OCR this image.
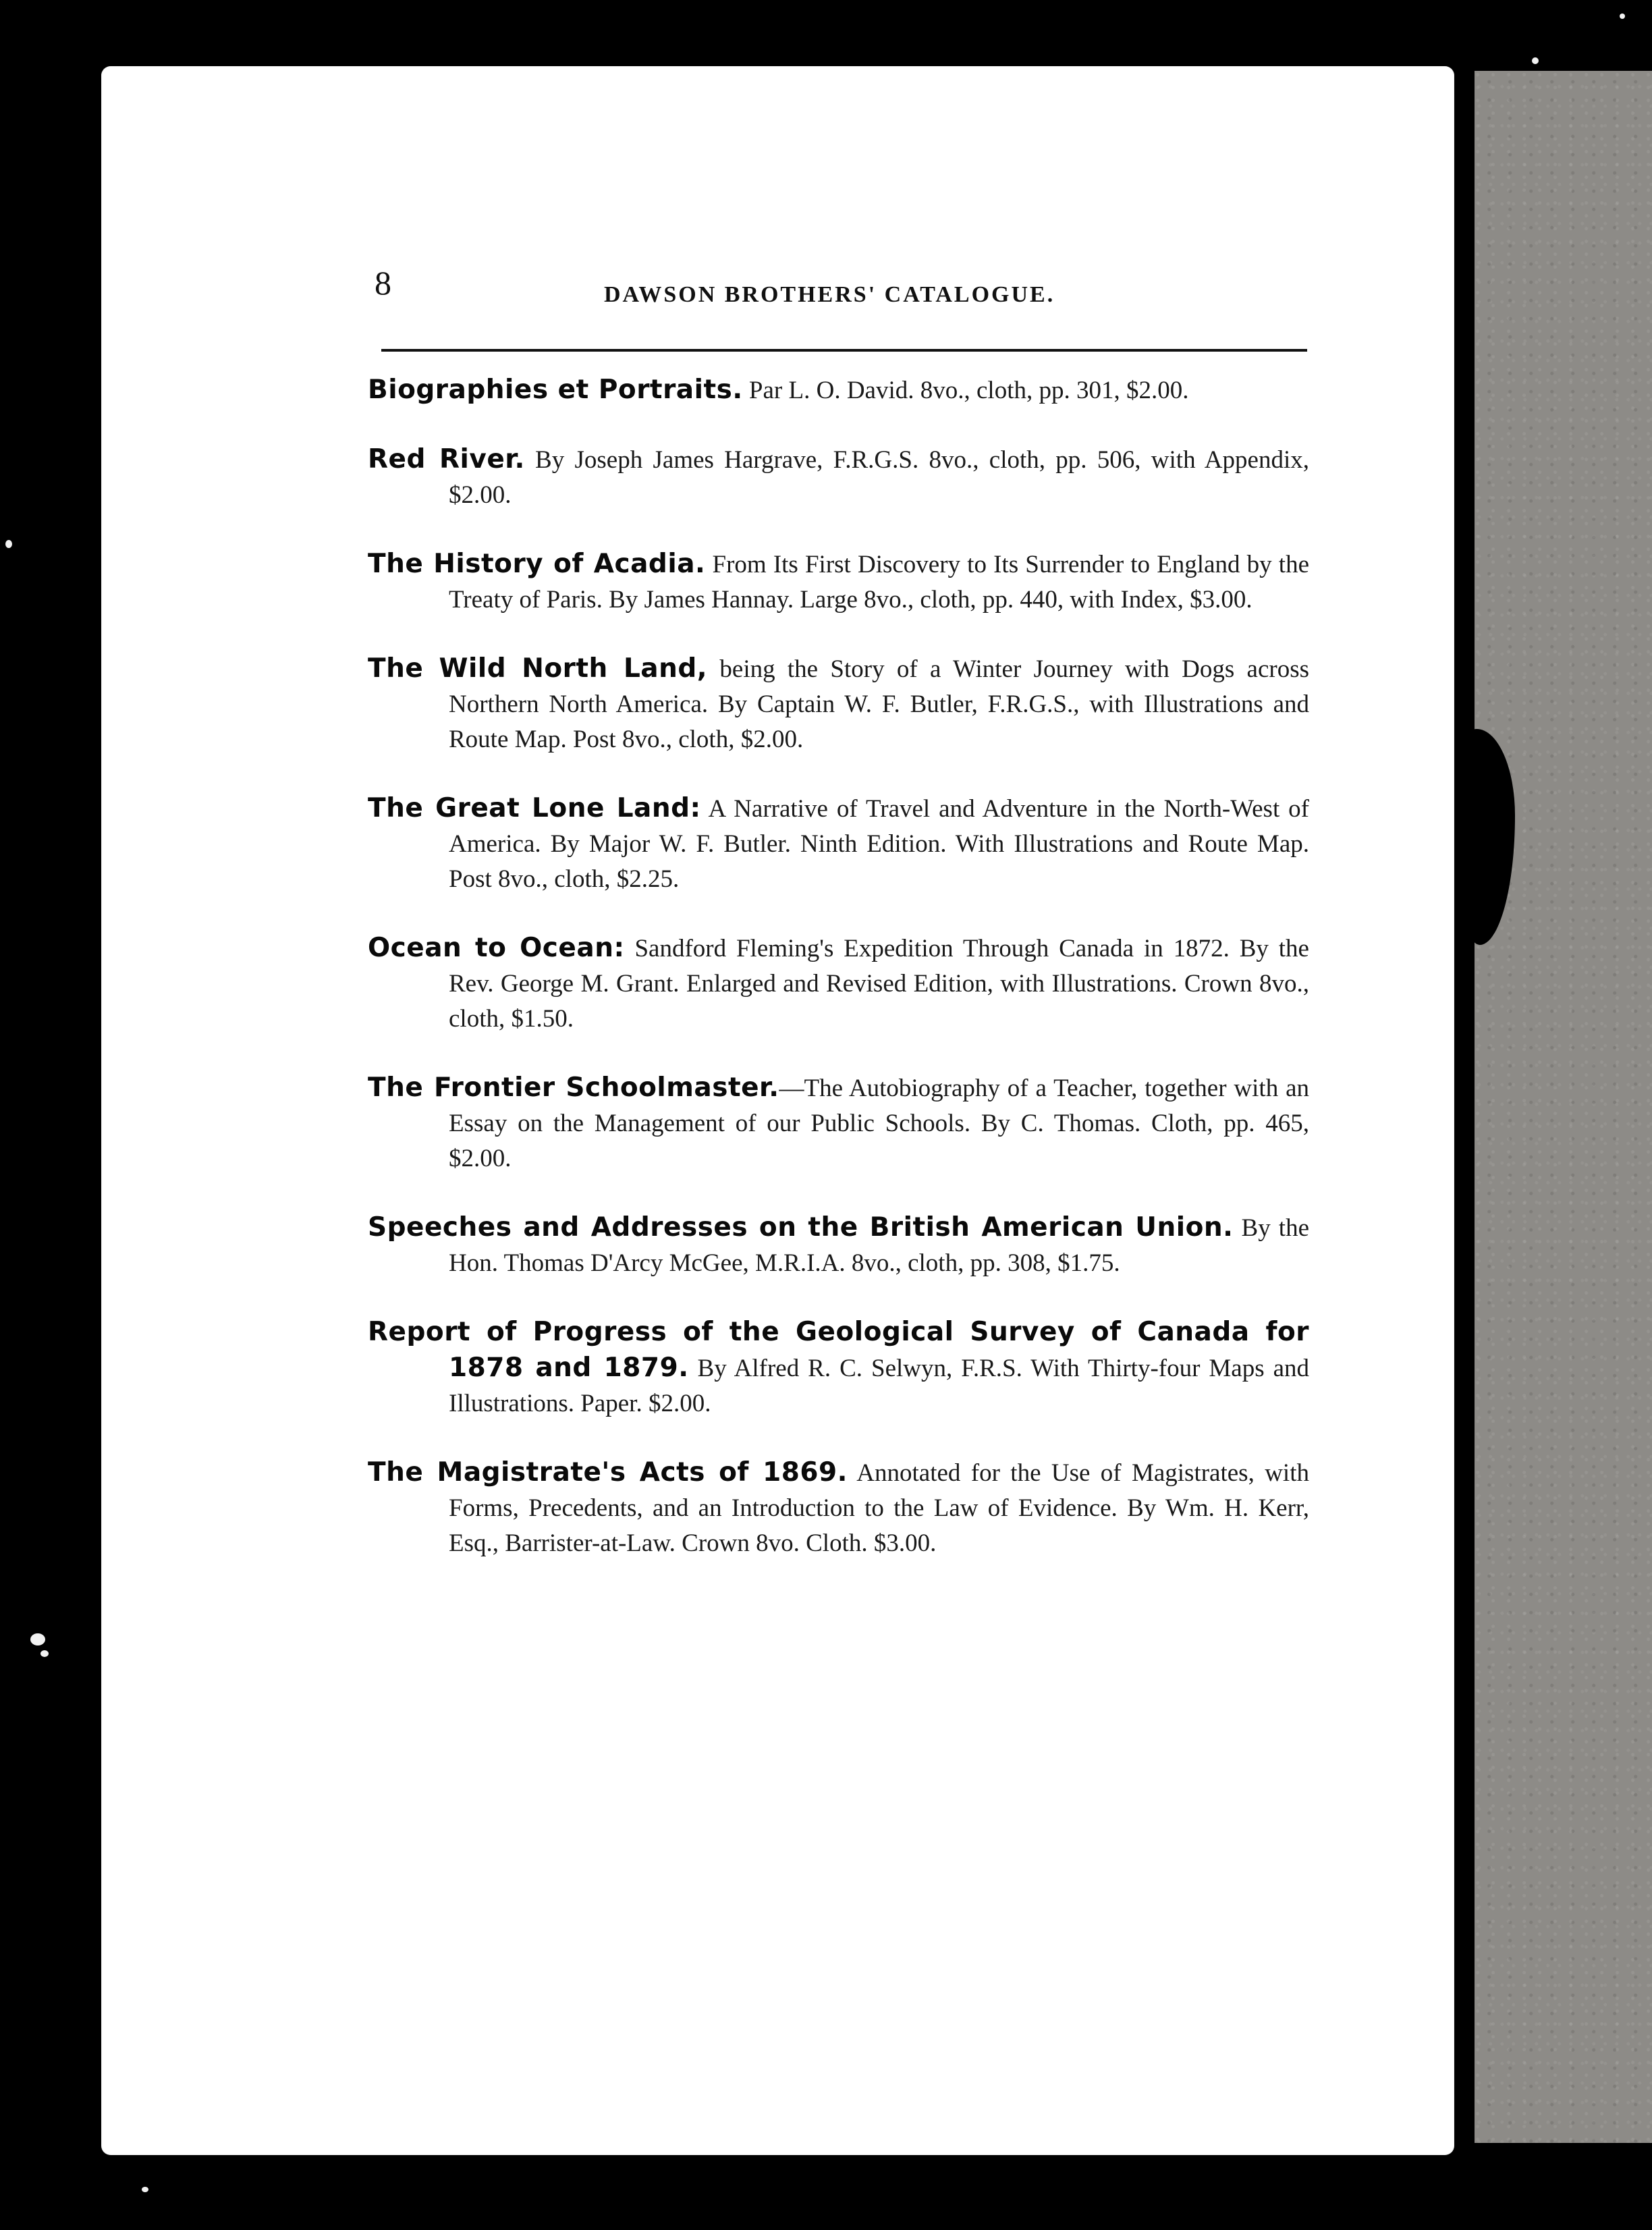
8	DAWSON BROTHERS' CATALOGUE.

Biographies et Portraits. Par L. O. David. 8vo., cloth, pp. 301, $2.00.

Red River. By Joseph James Hargrave, F.R.G.S. 8vo., cloth, pp. 506, with Appendix, $2.00.

The History of Acadia. From Its First Discovery to Its Surrender to England by the Treaty of Paris. By James Hannay. Large 8vo., cloth, pp. 440, with Index, $3.00.

The Wild North Land, being the Story of a Winter Journey with Dogs across Northern North America. By Captain W. F. Butler, F.R.G.S., with Illustrations and Route Map. Post 8vo., cloth, $2.00.

The Great Lone Land: A Narrative of Travel and Adventure in the North-West of America. By Major W. F. Butler. Ninth Edition. With Illustrations and Route Map. Post 8vo., cloth, $2.25.

Ocean to Ocean: Sandford Fleming's Expedition Through Canada in 1872. By the Rev. George M. Grant. Enlarged and Revised Edition, with Illustrations. Crown 8vo., cloth, $1.50.

The Frontier Schoolmaster.—The Autobiography of a Teacher, together with an Essay on the Management of our Public Schools. By C. Thomas. Cloth, pp. 465, $2.00.

Speeches and Addresses on the British American Union. By the Hon. Thomas D'Arcy McGee, M.R.I.A. 8vo., cloth, pp. 308, $1.75.

Report of Progress of the Geological Survey of Canada for 1878 and 1879. By Alfred R. C. Selwyn, F.R.S. With Thirty-four Maps and Illustrations. Paper. $2.00.

The Magistrate's Acts of 1869. Annotated for the Use of Magistrates, with Forms, Precedents, and an Introduction to the Law of Evidence. By Wm. H. Kerr, Esq., Barrister-at-Law. Crown 8vo. Cloth. $3.00.
